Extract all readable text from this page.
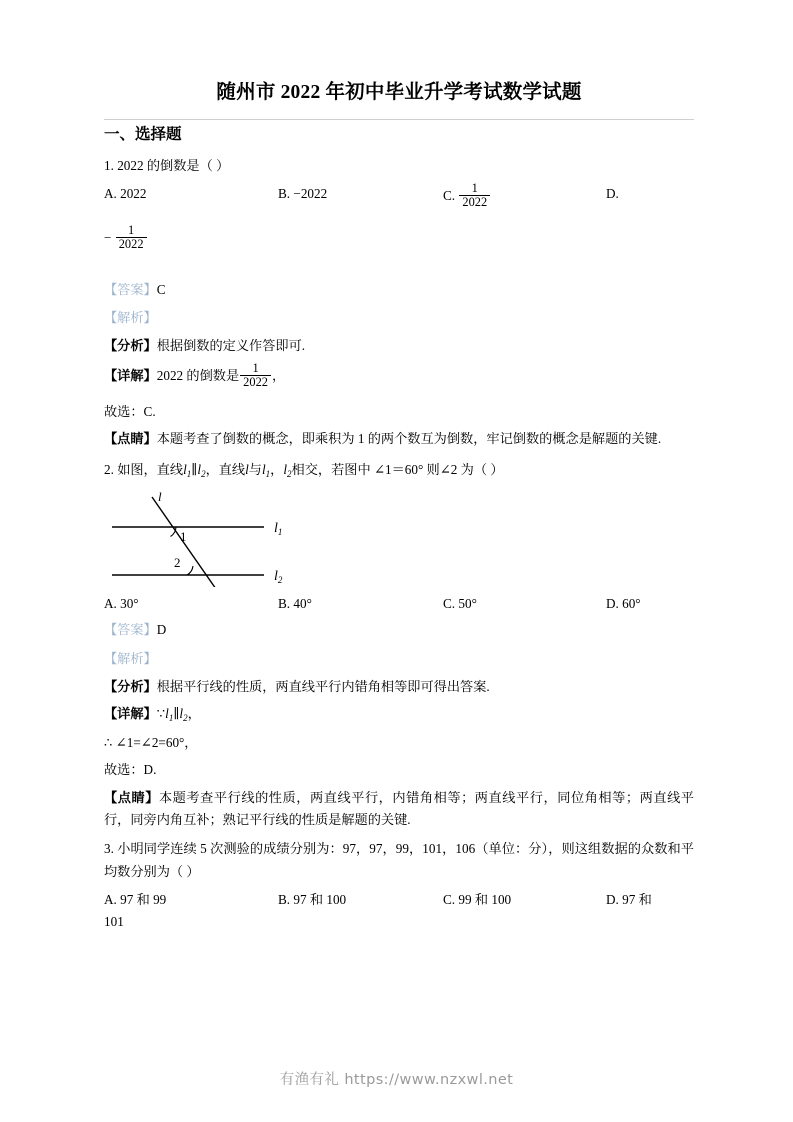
随州市 2022 年初中毕业升学考试数学试题
一、选择题

1. 2022 的倒数是（ ）

A. 2022	B. −2022	C. $\frac{1}{2022}$	D.
− $\frac{1}{2022}$

【答案】C

【解析】

【分析】根据倒数的定义作答即可.

【详解】2022 的倒数是 $\frac{1}{2022}$ ，

故选：C.

【点睛】本题考查了倒数的概念，即乘积为 1 的两个数互为倒数，牢记倒数的概念是解题的关键.

2. 如图，直线$l_1\parallel l_2$，直线l与$l_1$，$l_2$相交，若图中 ∠1＝60° 则∠2 为（ ）

l
1
2
$l_1$
$l_2$
A. 30°	B. 40°	C. 50°	D. 60°

【答案】D

【解析】

【分析】根据平行线的性质，两直线平行内错角相等即可得出答案.

【详解】$\because l_1\parallel l_2$，

∴ ∠1=∠2=60°，

故选：D.

【点睛】本题考查平行线的性质，两直线平行，内错角相等；两直线平行，同位角相等；两直线平行，同旁内角互补；熟记平行线的性质是解题的关键.

3. 小明同学连续 5 次测验的成绩分别为：97，97，99，101，106（单位：分），则这组数据的众数和平均数分别为（ ）

A. 97 和 99	B. 97 和 100	C. 99 和 100	D. 97 和

101

有渔有礼 https://www.nzxwl.net
